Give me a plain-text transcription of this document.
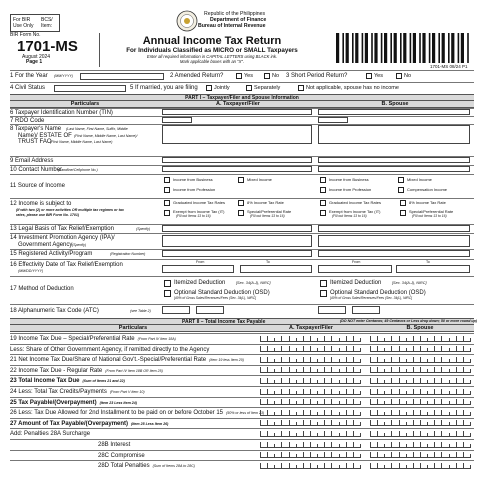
For BIR Use Only
BCS/ Item:
Republic of the Philippines
Department of Finance
Bureau of Internal Revenue
BIR Form No.
1701-MS
August 2024
Page 1
Annual Income Tax Return
For Individuals Classified as MICRO or SMALL Taxpayers
Enter all required information in CAPITAL LETTERS using BLACK ink.
Mark applicable boxes with an "X".
1701-MS 08/24 P1
1 For the Year (MM/YYYY)	2 Amended Return?	Yes	No 3 Short Period Return?	Yes	No
4 Civil Status	5 If married, you are filing	Jointly	Separately	Not applicable, spouse has no income
PART I – Taxpayer/Filer and Spouse Information
Particulars	A. Taxpayer/Filer	B. Spouse
6 Taxpayer Identification Number (TIN)
7 RDO Code
8 Taxpayer's Name (Last Name, First Name, Suffix, Middle
Name)/ ESTATE OF (First Name, Middle Name, Last Name)/
TRUST FAO
(First Name, Middle Name, Last Name)
9 Email Address
10 Contact Number
(Landline/Cellphone No.)
11 Source of Income
Income from Business	Mixed Income
Income from Profession
Income from Business	Mixed Income
Income from Profession	Compensation Income
12 Income is subject to
(If with two (2) or more activities OR multiple tax regimes or tax
rates, please use BIR Form No. 1701)
Graduated Income Tax Rates	8% Income Tax Rate
Exempt from Income Tax (IT)
(Fill out Items 13 to 16)
Special/Preferential Rate
(Fill out Items 13 to 16)
Graduated Income Tax Rates	8% Income Tax Rate
Exempt from Income Tax (IT)
(Fill out Items 13 to 16)
Special/Preferential Rate
(Fill out Items 13 to 16)
13 Legal Basis of Tax Relief/Exemption	(Specify)
14 Investment Promotion Agency (IPA)/
Government Agency (Specify)
15 Registered Activity/Program	(Registration Number)
16 Effectivity Date of Tax Relief/Exemption
(MM/DD/YYYY)
From	To	From	To
17 Method of Deduction
Itemized Deduction	[Sec. 34(A-J), NIRC]
Optional Standard Deduction (OSD)
[40% of Gross Sales/Revenues/Fees (Sec. 34(L), NIRC]
Itemized Deduction	[Sec. 34(A-J), NIRC]
Optional Standard Deduction (OSD)
[40% of Gross Sales/Revenues/Fees (Sec. 34(L), NIRC]
18 Alphanumeric Tax Code (ATC)	(see Table 2)
PART II – Total Income Tax Payable	(DO NOT enter Centavos; 49 Centavos or Less drop down; 50 or more round up)
Particulars	A. Taxpayer/Filer	B. Spouse
19 Income Tax Due – Special/Preferential Rate (From Part IV Item 18A)
Less: Share of Other Government Agency, if remitted directly to the Agency
21 Net Income Tax Due/Share of National Gov't.-Special/Preferential Rate (Item 19 less Item 20)
22 Income Tax Due - Regular Rate (From Part IV Item 18B OR Item 25)
23 Total Income Tax Due (Sum of Items 21 and 22)
24 Less: Total Tax Credits/Payments (From Part V Item 10)
25 Tax Payable/(Overpayment) (Item 23 Less Item 24)
26 Less: Tax Due Allowed for 2nd Installment to be paid on or before October 15 (50% or less of Item 23)
27 Amount of Tax Payable/(Overpayment) (Item 25 Less Item 26)
Add: Penalties 28A Surcharge
28B Interest
28C Compromise
28D Total Penalties (Sum of Items 28A to 28C)
